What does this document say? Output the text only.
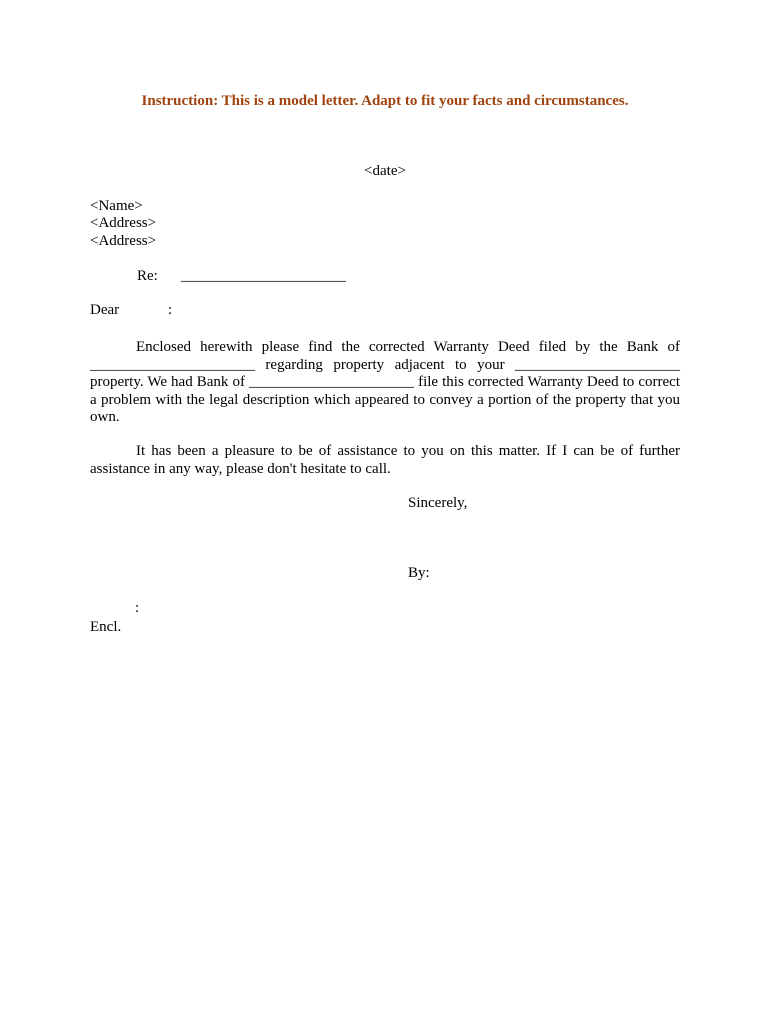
Instruction: This is a model letter. Adapt to fit your facts and circumstances.
<date>
<Name>
<Address>
<Address>
Re: ______________________
Dear	:
Enclosed herewith please find the corrected Warranty Deed filed by the Bank of
______________________ regarding property adjacent to your ______________________
property. We had Bank of ______________________ file this corrected Warranty Deed to correct
a problem with the legal description which appeared to convey a portion of the property that you
own.
It has been a pleasure to be of assistance to you on this matter. If I can be of further
assistance in any way, please don't hesitate to call.
Sincerely,
By:
:
Encl.
